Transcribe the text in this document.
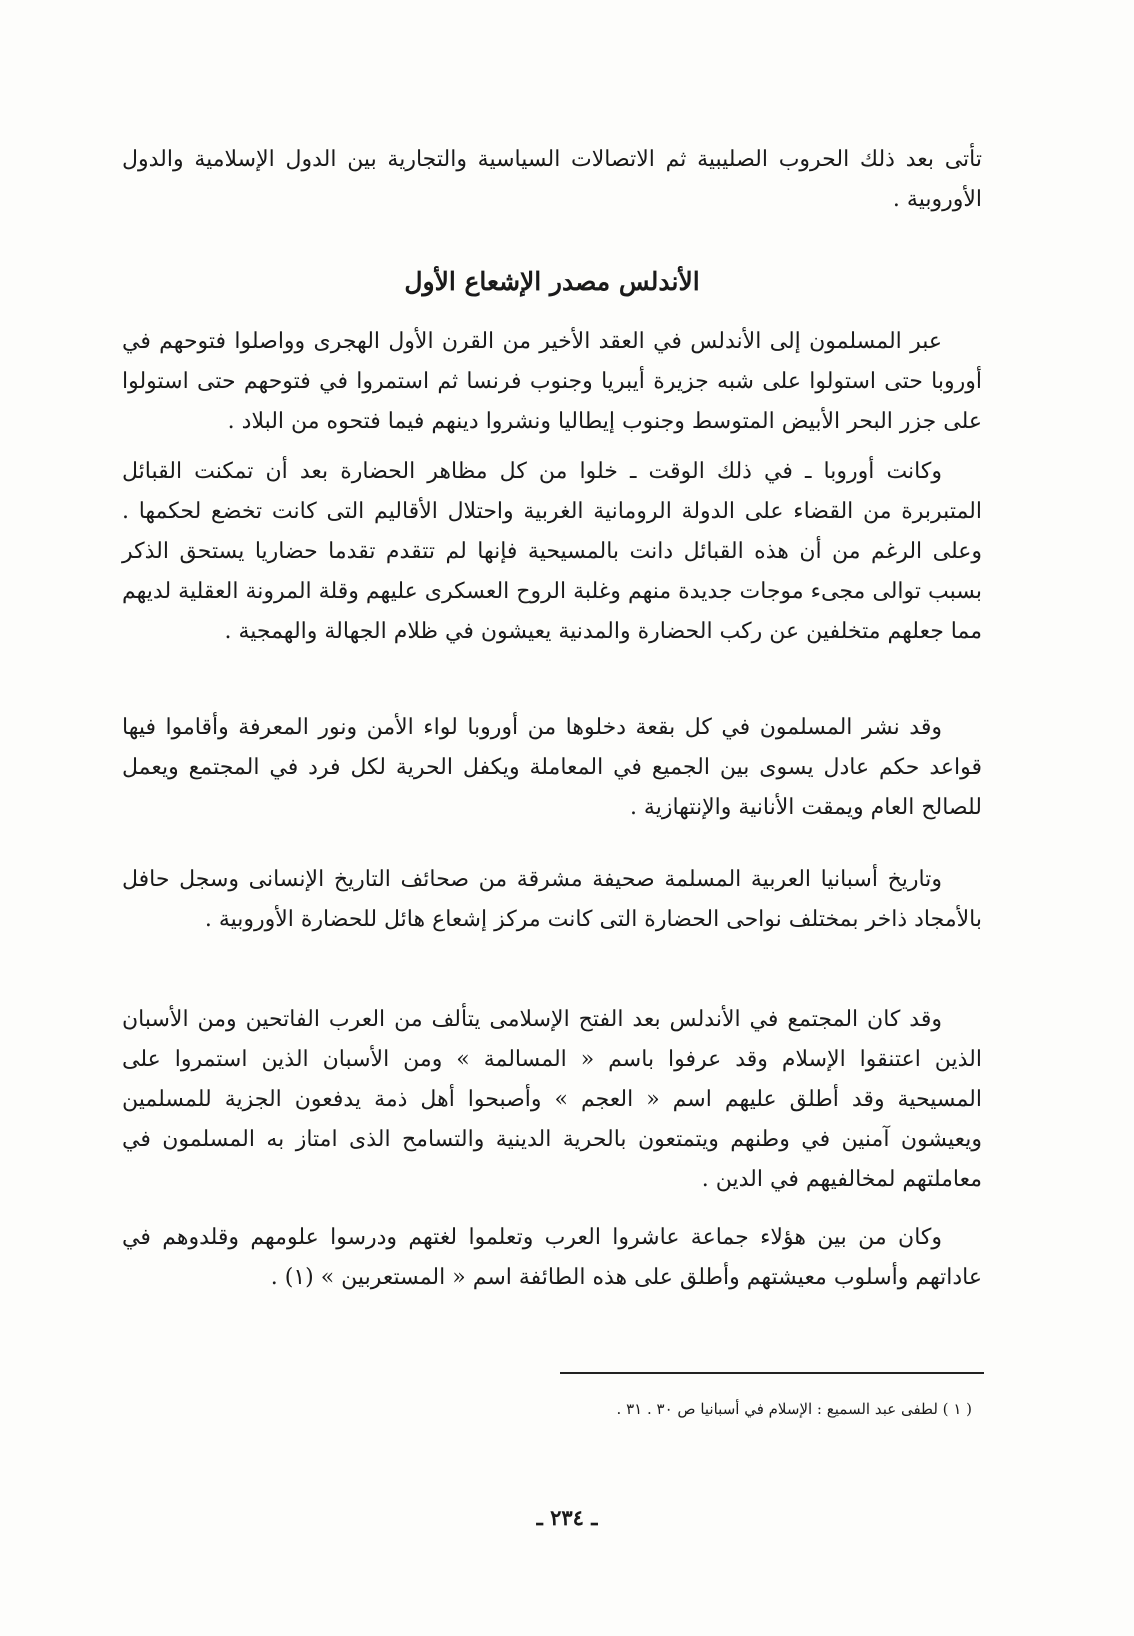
تأتى بعد ذلك الحروب الصليبية ثم الاتصالات السياسية والتجارية بين الدول الإسلامية والدول الأوروبية .

الأندلس مصدر الإشعاع الأول

عبر المسلمون إلى الأندلس في العقد الأخير من القرن الأول الهجرى وواصلوا فتوحهم في أوروبا حتى استولوا على شبه جزيرة أيبريا وجنوب فرنسا ثم استمروا في فتوحهم حتى استولوا على جزر البحر الأبيض المتوسط وجنوب إيطاليا ونشروا دينهم فيما فتحوه من البلاد .

وكانت أوروبا ـ في ذلك الوقت ـ خلوا من كل مظاهر الحضارة بعد أن تمكنت القبائل المتبربرة من القضاء على الدولة الرومانية الغربية واحتلال الأقاليم التى كانت تخضع لحكمها . وعلى الرغم من أن هذه القبائل دانت بالمسيحية فإنها لم تتقدم تقدما حضاريا يستحق الذكر بسبب توالى مجىء موجات جديدة منهم وغلبة الروح العسكرى عليهم وقلة المرونة العقلية لديهم مما جعلهم متخلفين عن ركب الحضارة والمدنية يعيشون في ظلام الجهالة والهمجية .

وقد نشر المسلمون في كل بقعة دخلوها من أوروبا لواء الأمن ونور المعرفة وأقاموا فيها قواعد حكم عادل يسوى بين الجميع في المعاملة ويكفل الحرية لكل فرد في المجتمع ويعمل للصالح العام ويمقت الأنانية والإنتهازية .

وتاريخ أسبانيا العربية المسلمة صحيفة مشرقة من صحائف التاريخ الإنسانى وسجل حافل بالأمجاد ذاخر بمختلف نواحى الحضارة التى كانت مركز إشعاع هائل للحضارة الأوروبية .

وقد كان المجتمع في الأندلس بعد الفتح الإسلامى يتألف من العرب الفاتحين ومن الأسبان الذين اعتنقوا الإسلام وقد عرفوا باسم « المسالمة » ومن الأسبان الذين استمروا على المسيحية وقد أطلق عليهم اسم « العجم » وأصبحوا أهل ذمة يدفعون الجزية للمسلمين ويعيشون آمنين في وطنهم ويتمتعون بالحرية الدينية والتسامح الذى امتاز به المسلمون في معاملتهم لمخالفيهم في الدين .

وكان من بين هؤلاء جماعة عاشروا العرب وتعلموا لغتهم ودرسوا علومهم وقلدوهم في عاداتهم وأسلوب معيشتهم وأطلق على هذه الطائفة اسم « المستعربين » (١) .

( ١ ) لطفى عبد السميع : الإسلام في أسبانيا ص ٣٠ . ٣١ .

ـ ٢٣٤ ـ
